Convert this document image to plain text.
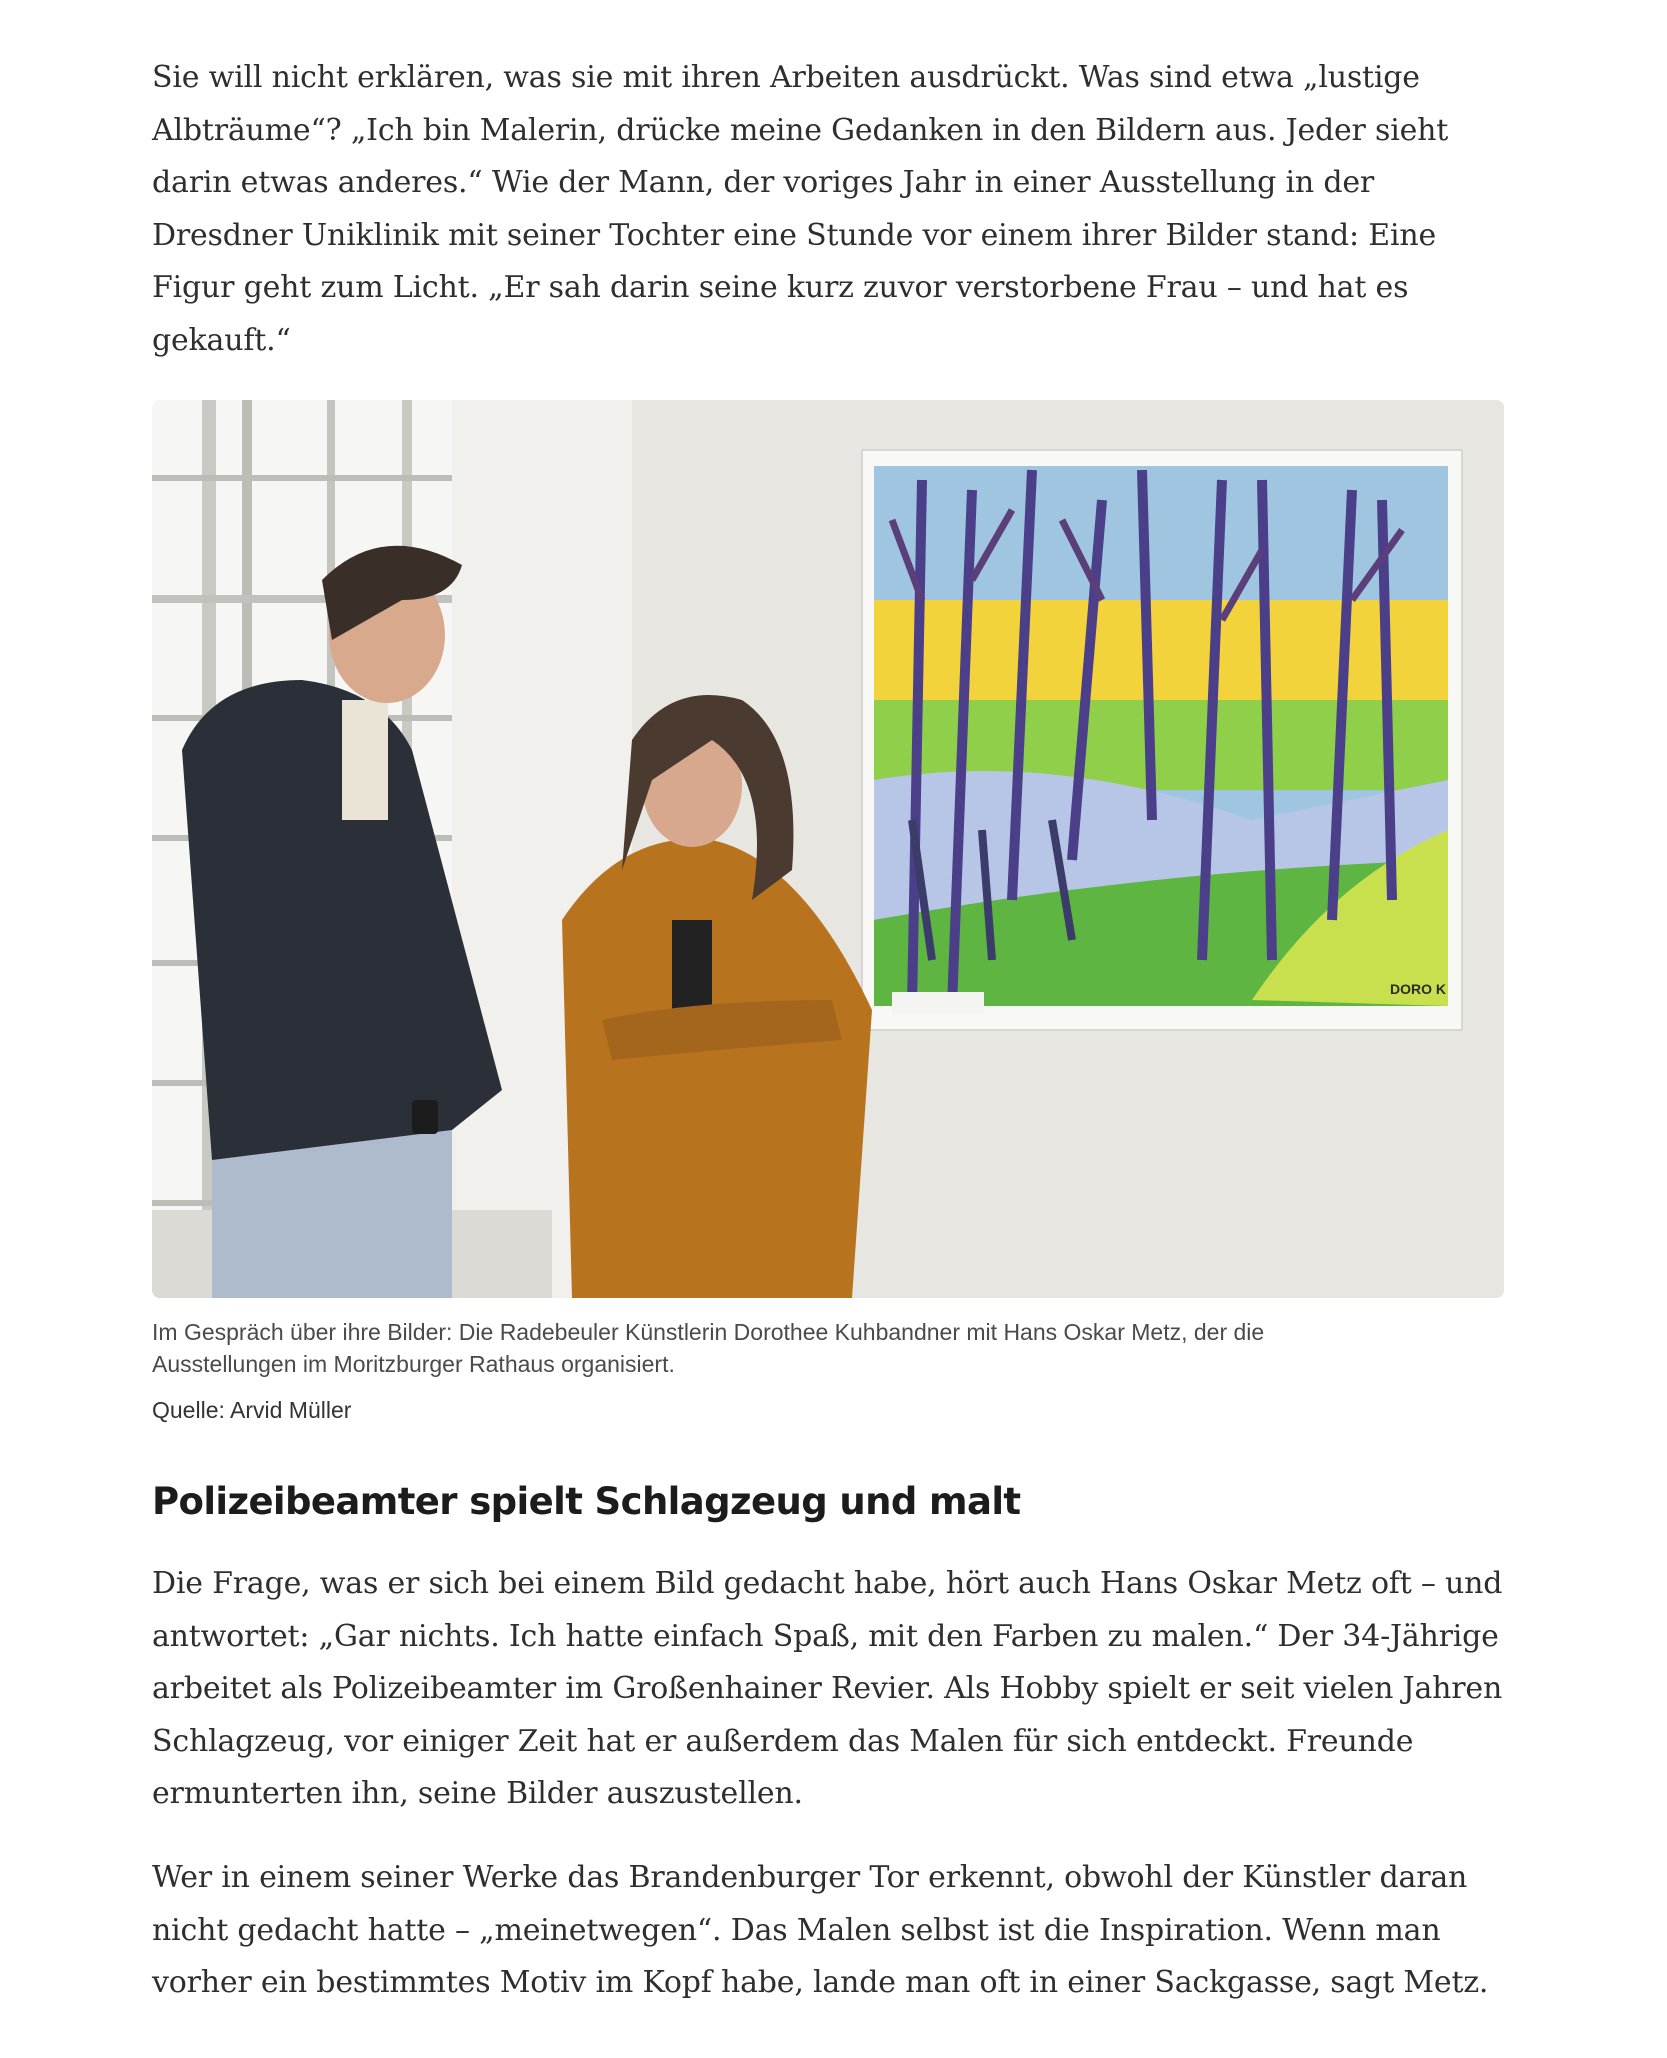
Sie will nicht erklären, was sie mit ihren Arbeiten ausdrückt. Was sind etwa „lustige Albträume“? „Ich bin Malerin, drücke meine Gedanken in den Bildern aus. Jeder sieht darin etwas anderes.“ Wie der Mann, der voriges Jahr in einer Ausstellung in der Dresdner Uniklinik mit seiner Tochter eine Stunde vor einem ihrer Bilder stand: Eine Figur geht zum Licht. „Er sah darin seine kurz zuvor verstorbene Frau – und hat es gekauft.“

DORO K
Im Gespräch über ihre Bilder: Die Radebeuler Künstlerin Dorothee Kuhbandner mit Hans Oskar Metz, der die Ausstellungen im Moritzburger Rathaus organisiert.
Quelle: Arvid Müller
Polizeibeamter spielt Schlagzeug und malt

Die Frage, was er sich bei einem Bild gedacht habe, hört auch Hans Oskar Metz oft – und antwortet: „Gar nichts. Ich hatte einfach Spaß, mit den Farben zu malen.“ Der 34-Jährige arbeitet als Polizeibeamter im Großenhainer Revier. Als Hobby spielt er seit vielen Jahren Schlagzeug, vor einiger Zeit hat er außerdem das Malen für sich entdeckt. Freunde ermunterten ihn, seine Bilder auszustellen.

Wer in einem seiner Werke das Brandenburger Tor erkennt, obwohl der Künstler daran nicht gedacht hatte – „meinetwegen“. Das Malen selbst ist die Inspiration. Wenn man vorher ein bestimmtes Motiv im Kopf habe, lande man oft in einer Sackgasse, sagt Metz.
